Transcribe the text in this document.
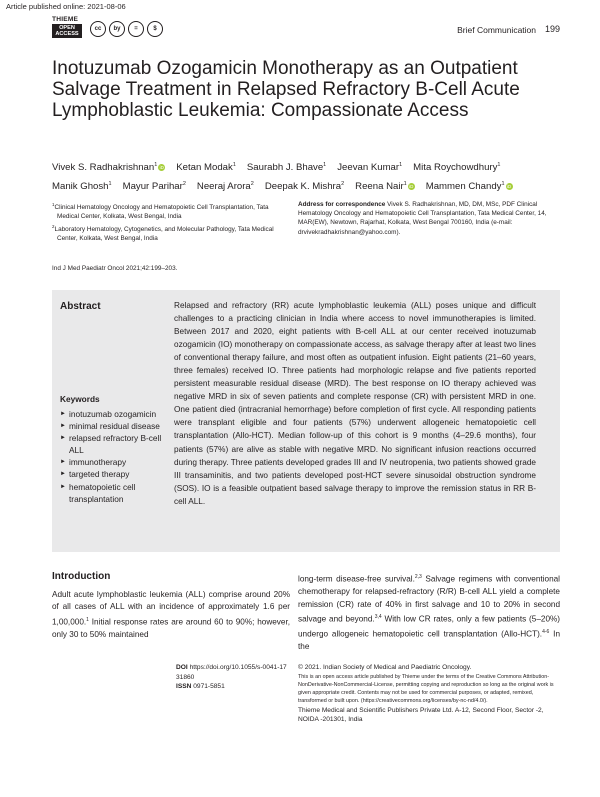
Article published online: 2021-08-06
THIEME
OPEN ACCESS
cc	by	=	$	Brief Communication 199
Inotuzumab Ozogamicin Monotherapy as an Outpatient Salvage Treatment in Relapsed Refractory B-Cell Acute Lymphoblastic Leukemia: Compassionate Access
Vivek S. Radhakrishnan$^1$ iD Ketan Modak$^1$ Saurabh J. Bhave$^1$ Jeevan Kumar$^1$ Mita Roychowdhury$^1$Manik Ghosh$^1$ Mayur Parihar$^2$ Neeraj Arora$^2$ Deepak K. Mishra$^2$ Reena Nair$^1$ iD Mammen Chandy$^1$ iD

$^1$Clinical Hematology Oncology and Hematopoietic Cell Transplantation, Tata Medical Center, Kolkata, West Bengal, India

$^2$Laboratory Hematology, Cytogenetics, and Molecular Pathology, Tata Medical Center, Kolkata, West Bengal, India

Address for correspondence Vivek S. Radhakrishnan, MD, DM, MSc, PDF Clinical Hematology Oncology and Hematopoietic Cell Transplantation, Tata Medical Center, 14, MAR(EW), Newtown, Rajarhat, Kolkata, West Bengal 700160, India (e-mail: drvivekradhakrishnan@yahoo.com).
Ind J Med Paediatr Oncol 2021;42:199–203.
Abstract	Relapsed and refractory (RR) acute lymphoblastic leukemia (ALL) poses unique and difficult challenges to a practicing clinician in India where access to novel immunotherapies is limited. Between 2017 and 2020, eight patients with B-cell ALL at our center received inotuzumab ozogamicin (IO) monotherapy on compassionate access, as salvage therapy after at least two lines of conventional therapy failure, and most often as outpatient infusion. Eight patients (21–60 years, three females) received IO. Three patients had morphologic relapse and five patients reported persistent measurable residual disease (MRD). The best response on IO therapy achieved was negative MRD in six of seven patients and complete response (CR) with persistent MRD in one. One patient died (intracranial hemorrhage) before completion of first cycle. All responding patients were transplant eligible and four patients (57%) underwent allogeneic hematopoietic cell transplantation (Allo-HCT). Median follow-up of this cohort is 9 months (4–29.6 months), four patients (57%) are alive as stable with negative MRD. No significant infusion reactions occurred during therapy. Three patients developed grades III and IV neutropenia, two patients showed grade III transaminitis, and two patients developed post-HCT severe sinusoidal obstruction syndrome (SOS). IO is a feasible outpatient based salvage therapy to improve the remission status in RR B-cell ALL.

Keywords
► inotuzumab ozogamicin
► minimal residual disease
► relapsed refractory B-cell ALL
► immunotherapy
► targeted therapy
► hematopoietic cell transplantation
Introduction

Adult acute lymphoblastic leukemia (ALL) comprise around 20% of all cases of ALL with an incidence of approximately 1.6 per 1,00,000.$^1$ Initial response rates are around 60 to 90%; however, only 30 to 50% maintained

long-term disease-free survival.$^{2,3}$ Salvage regimens with conventional chemotherapy for relapsed-refractory (R/R) B-cell ALL yield a complete remission (CR) rate of 40% in first salvage and 10 to 20% in second salvage and beyond.$^{3,4}$ With low CR rates, only a few patients (5–20%) undergo allogeneic hematopoietic cell transplantation (Allo-HCT).$^{4-6}$ In the

DOI https://doi.org/10.1055/s-0041-1731860
ISSN 0971-5851
© 2021. Indian Society of Medical and Paediatric Oncology.
This is an open access article published by Thieme under the terms of the Creative Commons Attribution-NonDerivative-NonCommercial-License, permitting copying and reproduction so long as the original work is given appropriate credit. Contents may not be used for commercial purposes, or adapted, remixed, transformed or built upon. (https://creativecommons.org/licenses/by-nc-nd/4.0/).
Thieme Medical and Scientific Publishers Private Ltd. A-12, Second Floor, Sector -2, NOIDA -201301, India
